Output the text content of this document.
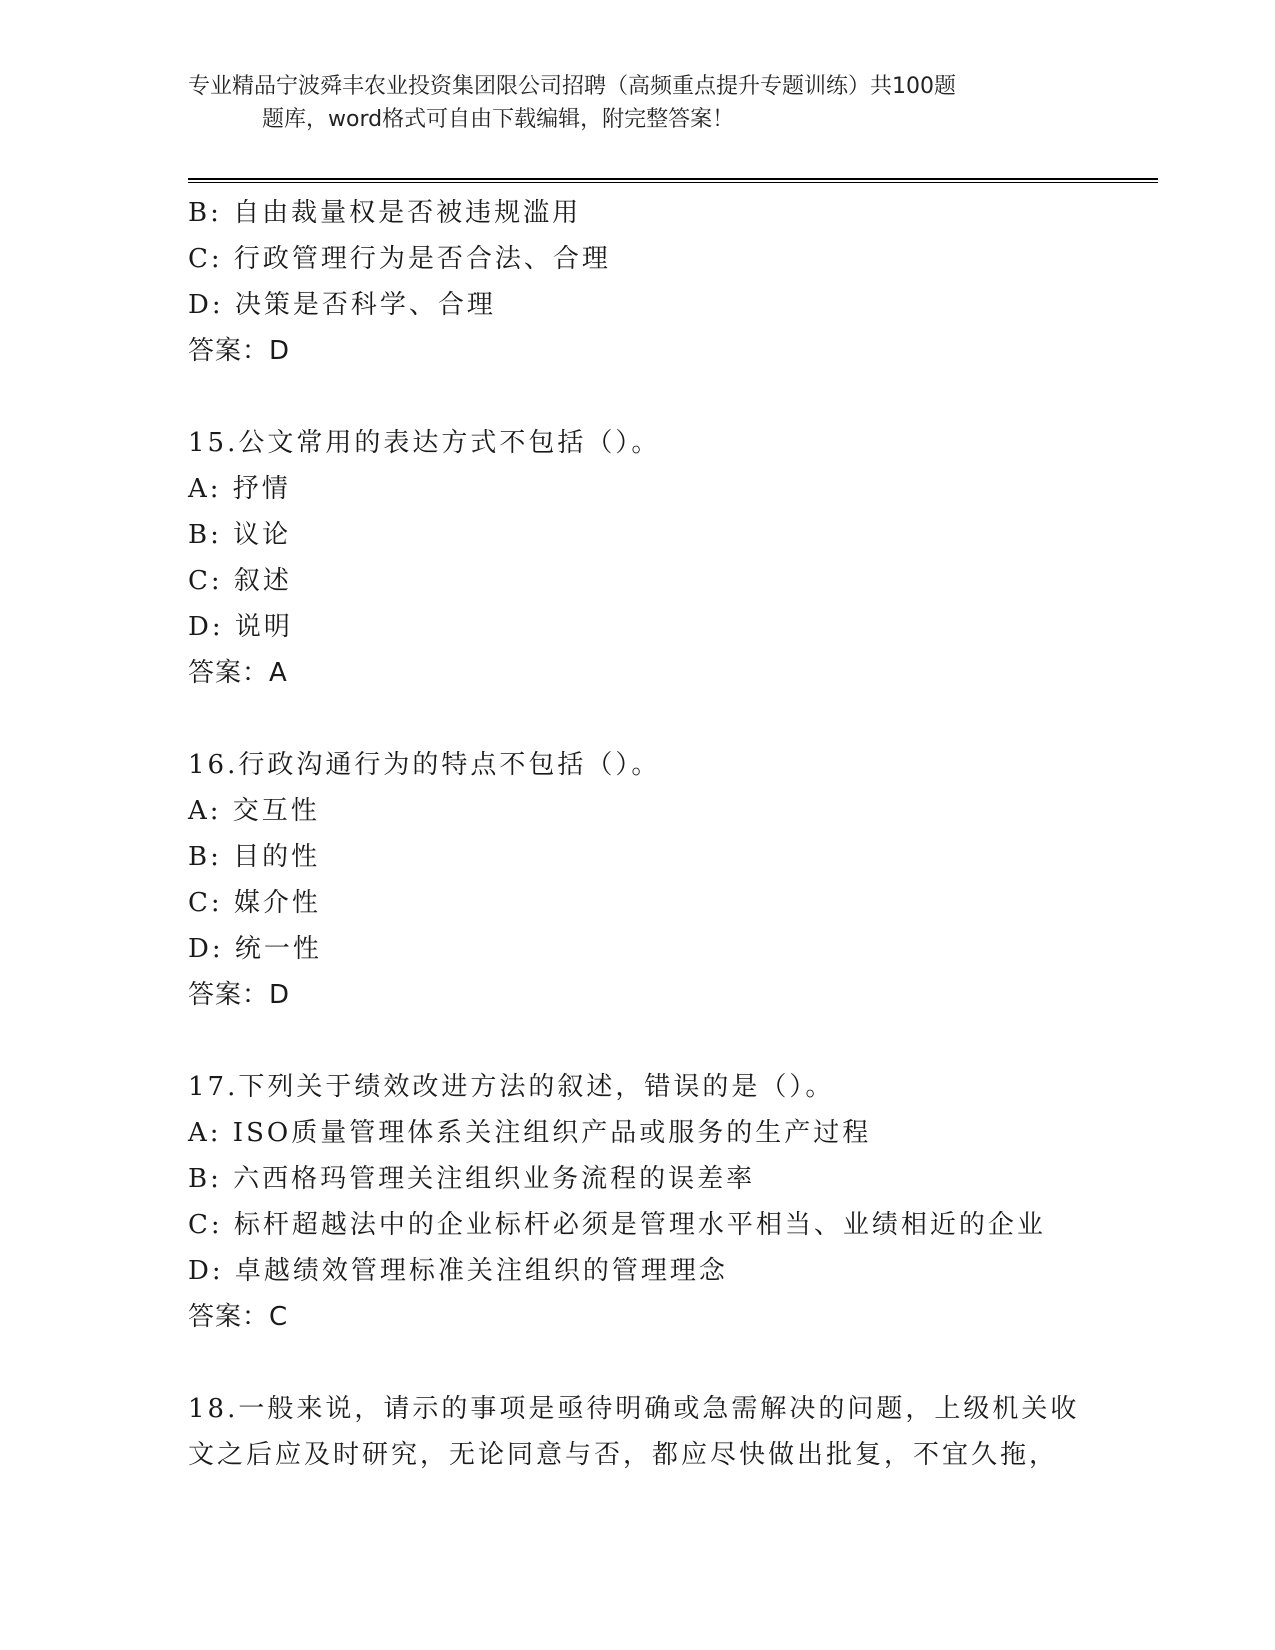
专业精品宁波舜丰农业投资集团限公司招聘（高频重点提升专题训练）共100题
题库，word格式可自由下载编辑，附完整答案！
B: 自由裁量权是否被违规滥用
C: 行政管理行为是否合法、合理
D: 决策是否科学、合理
答案：D
15.公文常用的表达方式不包括（）。
A: 抒情
B: 议论
C: 叙述
D: 说明
答案：A
16.行政沟通行为的特点不包括（）。
A: 交互性
B: 目的性
C: 媒介性
D: 统一性
答案：D
17.下列关于绩效改进方法的叙述，错误的是（）。
A: ISO质量管理体系关注组织产品或服务的生产过程
B: 六西格玛管理关注组织业务流程的误差率
C: 标杆超越法中的企业标杆必须是管理水平相当、业绩相近的企业
D: 卓越绩效管理标准关注组织的管理理念
答案：C
18.一般来说，请示的事项是亟待明确或急需解决的问题，上级机关收
文之后应及时研究，无论同意与否，都应尽快做出批复，不宜久拖，
